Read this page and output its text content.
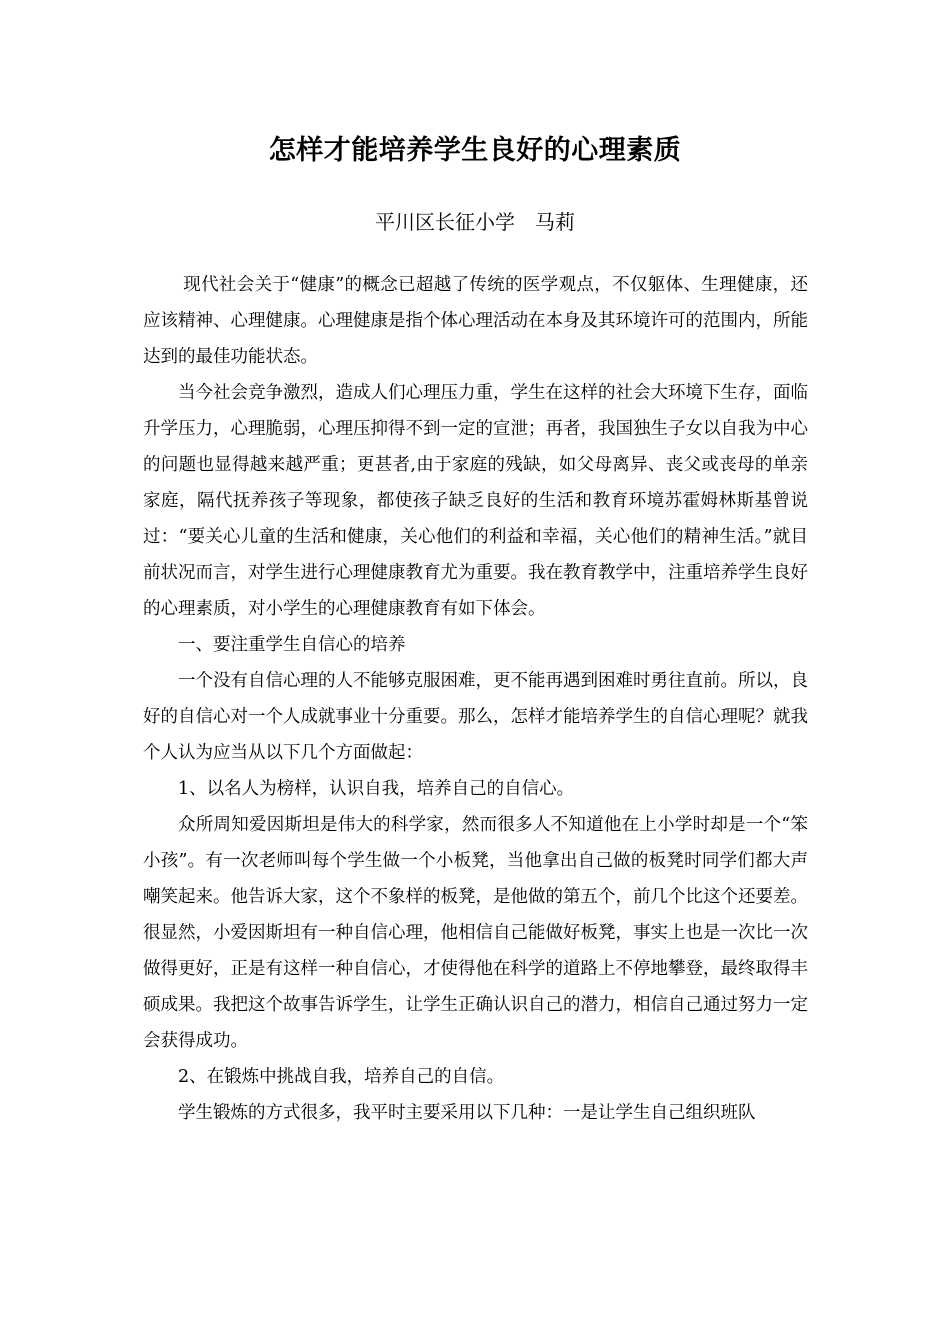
怎样才能培养学生良好的心理素质
平川区长征小学　马莉

现代社会关于“健康”的概念已超越了传统的医学观点，不仅躯体、生理健康，还应该精神、心理健康。心理健康是指个体心理活动在本身及其环境许可的范围内，所能达到的最佳功能状态。

当今社会竞争激烈，造成人们心理压力重，学生在这样的社会大环境下生存，面临升学压力，心理脆弱，心理压抑得不到一定的宣泄；再者，我国独生子女以自我为中心的问题也显得越来越严重；更甚者,由于家庭的残缺，如父母离异、丧父或丧母的单亲家庭，隔代抚养孩子等现象，都使孩子缺乏良好的生活和教育环境苏霍姆林斯基曾说过：“要关心儿童的生活和健康，关心他们的利益和幸福，关心他们的精神生活。”就目前状况而言，对学生进行心理健康教育尤为重要。我在教育教学中，注重培养学生良好的心理素质，对小学生的心理健康教育有如下体会。

一、要注重学生自信心的培养

一个没有自信心理的人不能够克服困难，更不能再遇到困难时勇往直前。所以，良好的自信心对一个人成就事业十分重要。那么，怎样才能培养学生的自信心理呢？就我个人认为应当从以下几个方面做起：

1、以名人为榜样，认识自我，培养自己的自信心。

众所周知爱因斯坦是伟大的科学家，然而很多人不知道他在上小学时却是一个“笨小孩”。有一次老师叫每个学生做一个小板凳，当他拿出自己做的板凳时同学们都大声嘲笑起来。他告诉大家，这个不象样的板凳，是他做的第五个，前几个比这个还要差。很显然，小爱因斯坦有一种自信心理，他相信自己能做好板凳，事实上也是一次比一次做得更好，正是有这样一种自信心，才使得他在科学的道路上不停地攀登，最终取得丰硕成果。我把这个故事告诉学生，让学生正确认识自己的潜力，相信自己通过努力一定会获得成功。

2、在锻炼中挑战自我，培养自己的自信。

学生锻炼的方式很多，我平时主要采用以下几种：一是让学生自己组织班队
